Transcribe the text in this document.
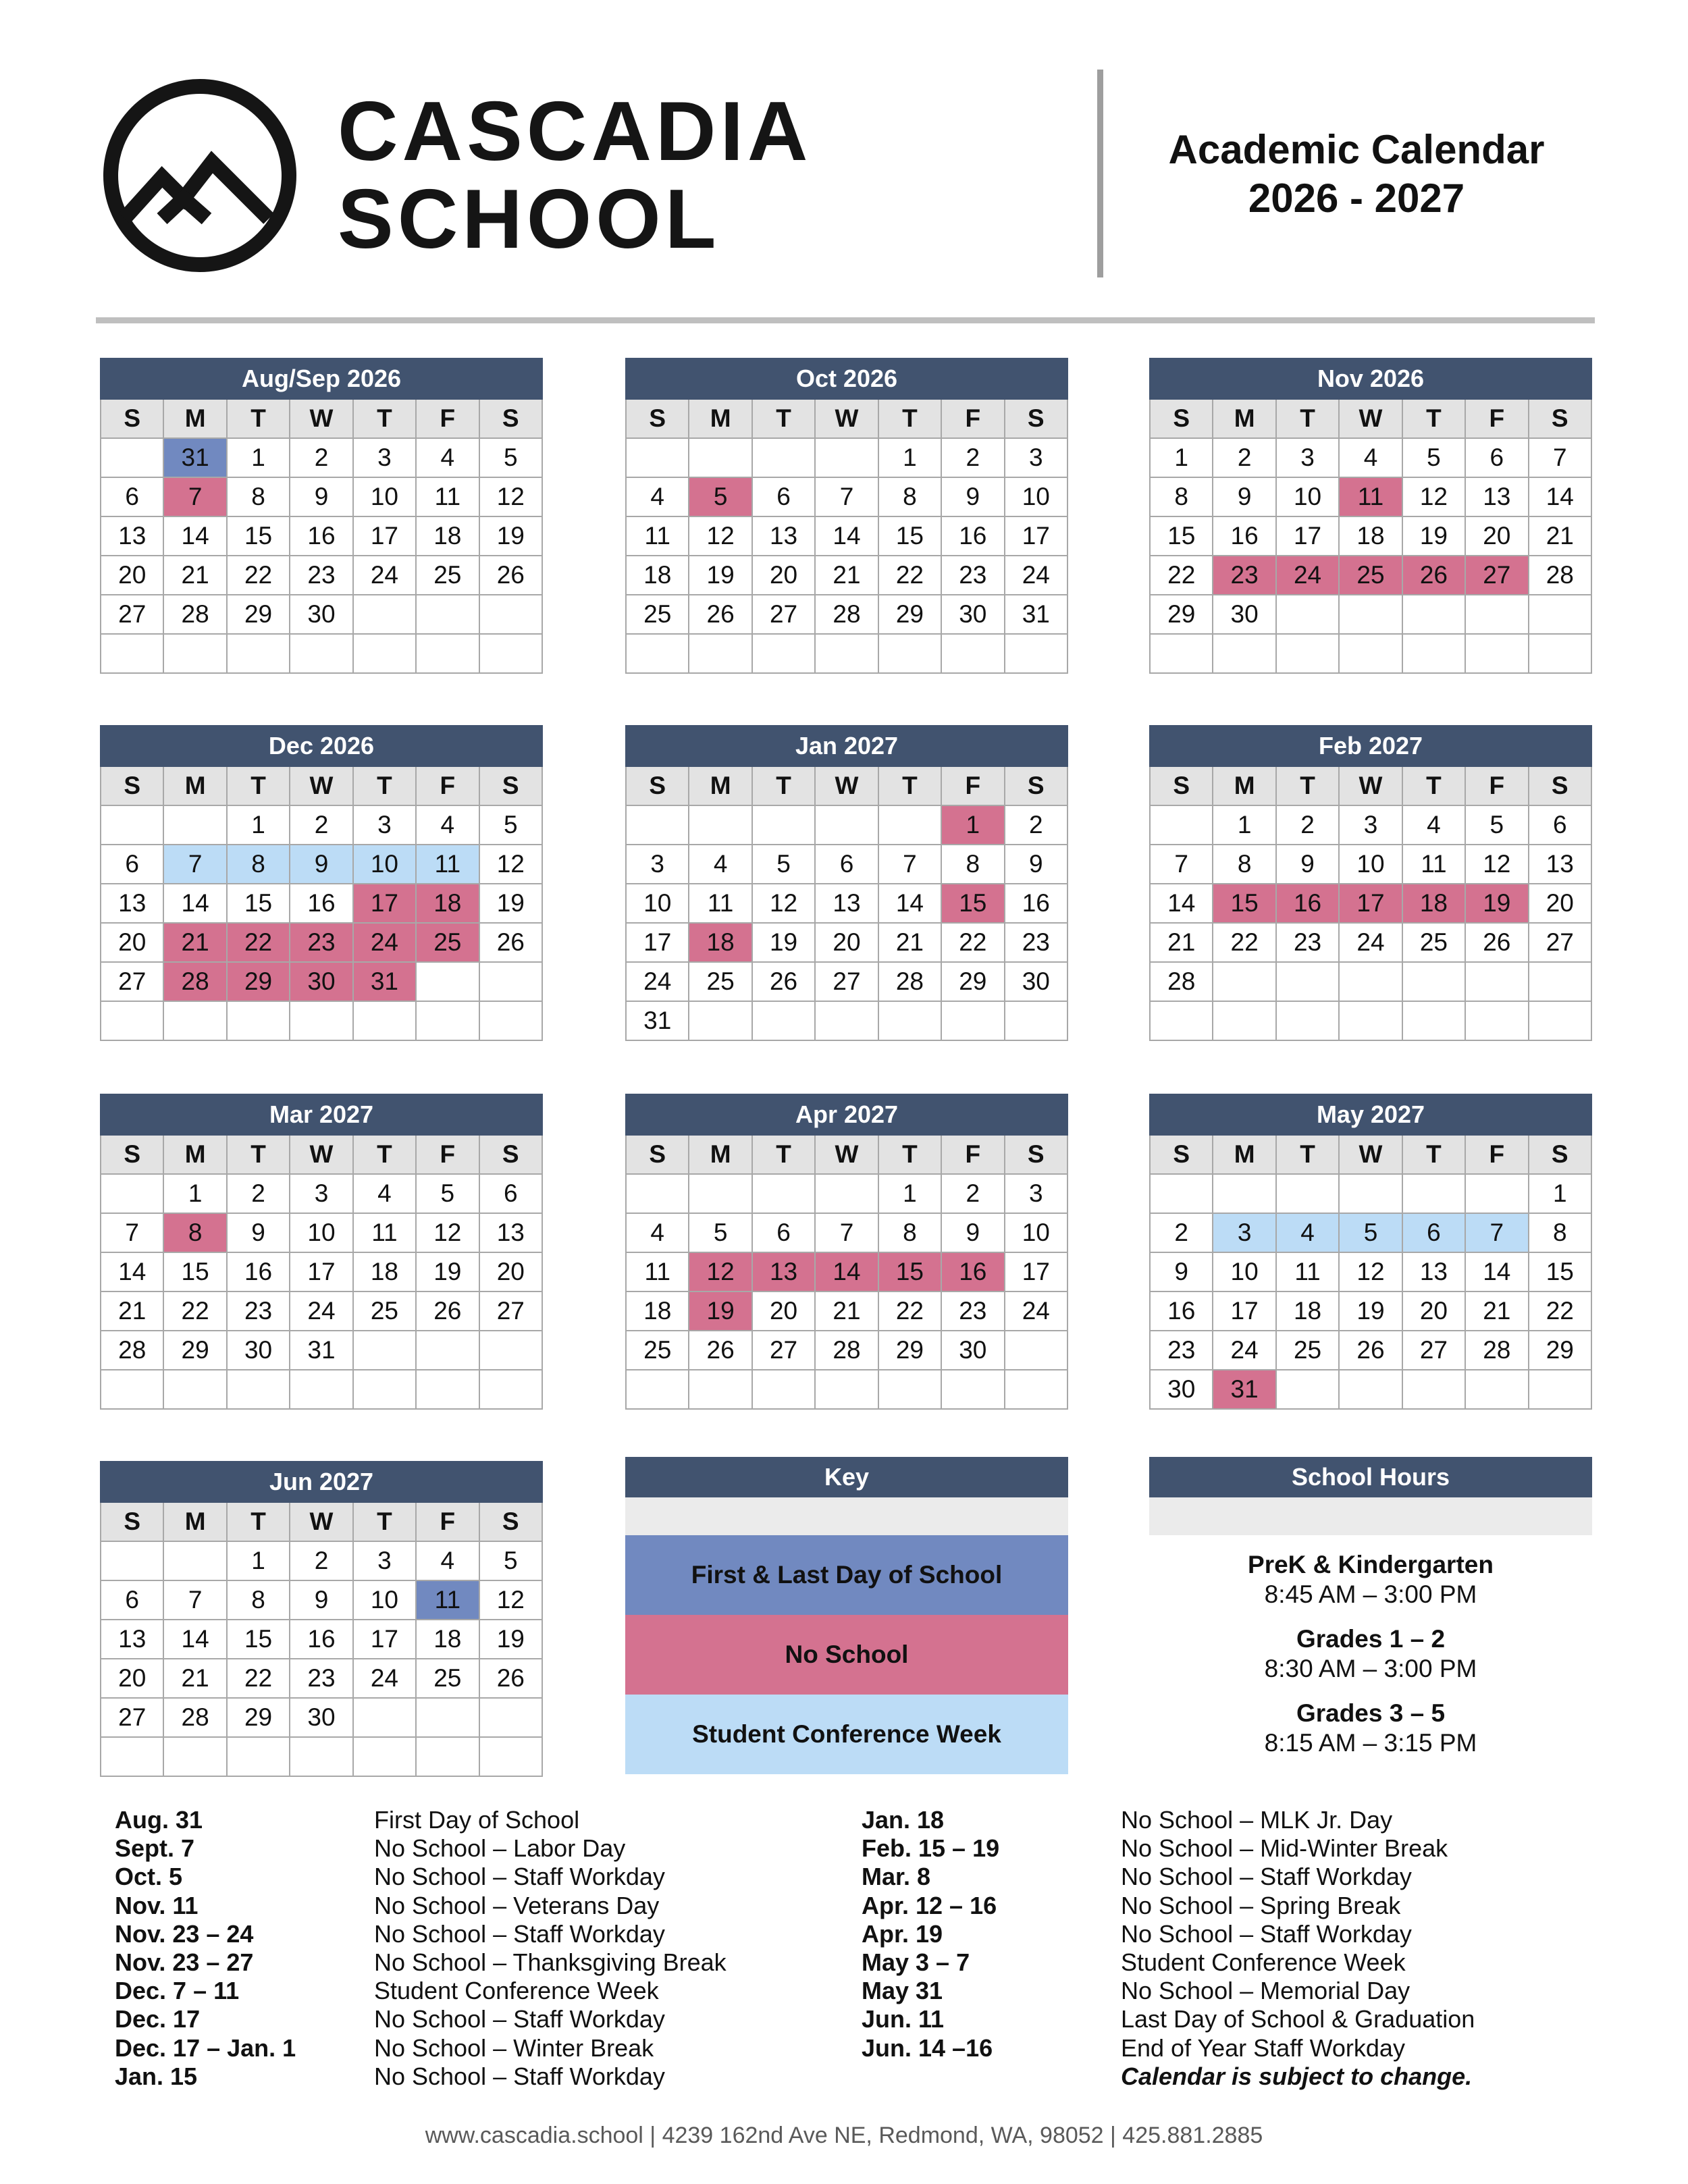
CASCADIA
SCHOOL
Academic Calendar
2026 - 2027
Aug/Sep 2026						
S	M	T	W	T	F	S
	31	1	2	3	4	5
6	7	8	9	10	11	12
13	14	15	16	17	18	19
20	21	22	23	24	25	26
27	28	29	30			

Oct 2026						
S	M	T	W	T	F	S
				1	2	3
4	5	6	7	8	9	10
11	12	13	14	15	16	17
18	19	20	21	22	23	24
25	26	27	28	29	30	31

Nov 2026						
S	M	T	W	T	F	S
1	2	3	4	5	6	7
8	9	10	11	12	13	14
15	16	17	18	19	20	21
22	23	24	25	26	27	28
29	30					

Dec 2026						
S	M	T	W	T	F	S
		1	2	3	4	5
6	7	8	9	10	11	12
13	14	15	16	17	18	19
20	21	22	23	24	25	26
27	28	29	30	31		

Jan 2027						
S	M	T	W	T	F	S
					1	2
3	4	5	6	7	8	9
10	11	12	13	14	15	16
17	18	19	20	21	22	23
24	25	26	27	28	29	30
31						
Feb 2027						
S	M	T	W	T	F	S
	1	2	3	4	5	6
7	8	9	10	11	12	13
14	15	16	17	18	19	20
21	22	23	24	25	26	27
28						

Mar 2027						
S	M	T	W	T	F	S
	1	2	3	4	5	6
7	8	9	10	11	12	13
14	15	16	17	18	19	20
21	22	23	24	25	26	27
28	29	30	31			

Apr 2027						
S	M	T	W	T	F	S
				1	2	3
4	5	6	7	8	9	10
11	12	13	14	15	16	17
18	19	20	21	22	23	24
25	26	27	28	29	30	

May 2027						
S	M	T	W	T	F	S
						1
2	3	4	5	6	7	8
9	10	11	12	13	14	15
16	17	18	19	20	21	22
23	24	25	26	27	28	29
30	31					
Jun 2027						
S	M	T	W	T	F	S
		1	2	3	4	5
6	7	8	9	10	11	12
13	14	15	16	17	18	19
20	21	22	23	24	25	26
27	28	29	30			

Key
First & Last Day of School
No School
Student Conference Week
School Hours
PreK & Kindergarten
8:45 AM – 3:00 PM
Grades 1 – 2
8:30 AM – 3:00 PM
Grades 3 – 5
8:15 AM – 3:15 PM
Aug. 31	First Day of School
Sept. 7	No School – Labor Day
Oct. 5	No School – Staff Workday
Nov. 11	No School – Veterans Day
Nov. 23 – 24	No School – Staff Workday
Nov. 23 – 27	No School – Thanksgiving Break
Dec. 7 – 11	Student Conference Week
Dec. 17	No School – Staff Workday
Dec. 17 – Jan. 1	No School – Winter Break
Jan. 15	No School – Staff Workday
Jan. 18	No School – MLK Jr. Day
Feb. 15 – 19	No School – Mid-Winter Break
Mar. 8	No School – Staff Workday
Apr. 12 – 16	No School – Spring Break
Apr. 19	No School – Staff Workday
May 3 – 7	Student Conference Week
May 31	No School – Memorial Day
Jun. 11	Last Day of School & Graduation
Jun. 14 –16	End of Year Staff Workday
Calendar is subject to change.
www.cascadia.school | 4239 162nd Ave NE, Redmond, WA, 98052 | 425.881.2885
